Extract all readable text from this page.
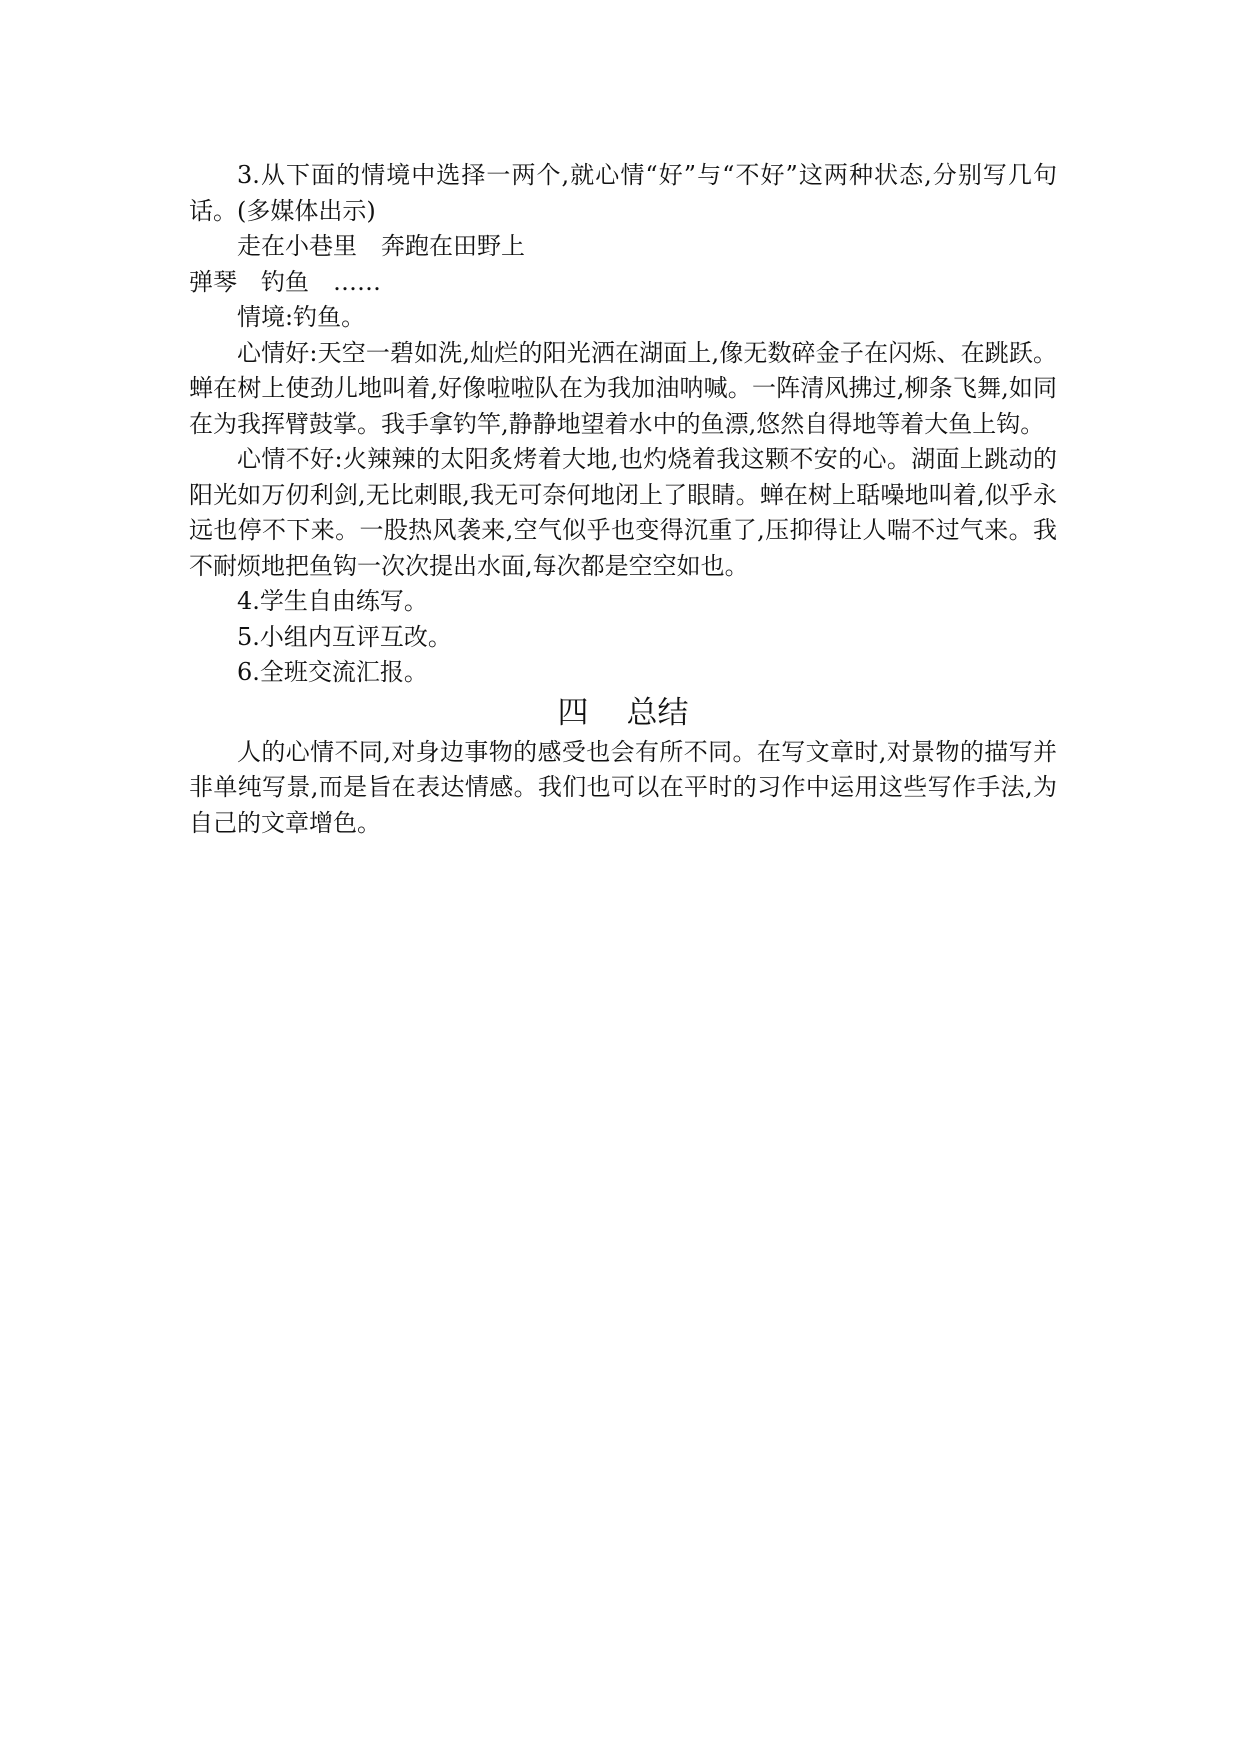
3.从下面的情境中选择一两个,就心情“好”与“不好”这两种状态,分别写几句话。(多媒体出示)

走在小巷里　奔跑在田野上

弹琴　钓鱼　……

情境:钓鱼。

心情好:天空一碧如洗,灿烂的阳光洒在湖面上,像无数碎金子在闪烁、在跳跃。蝉在树上使劲儿地叫着,好像啦啦队在为我加油呐喊。一阵清风拂过,柳条飞舞,如同在为我挥臂鼓掌。我手拿钓竿,静静地望着水中的鱼漂,悠然自得地等着大鱼上钩。

心情不好:火辣辣的太阳炙烤着大地,也灼烧着我这颗不安的心。湖面上跳动的阳光如万仞利剑,无比刺眼,我无可奈何地闭上了眼睛。蝉在树上聒噪地叫着,似乎永远也停不下来。一股热风袭来,空气似乎也变得沉重了,压抑得让人喘不过气来。我不耐烦地把鱼钩一次次提出水面,每次都是空空如也。

4.学生自由练写。

5.小组内互评互改。

6.全班交流汇报。

四 总结

人的心情不同,对身边事物的感受也会有所不同。在写文章时,对景物的描写并非单纯写景,而是旨在表达情感。我们也可以在平时的习作中运用这些写作手法,为自己的文章增色。
